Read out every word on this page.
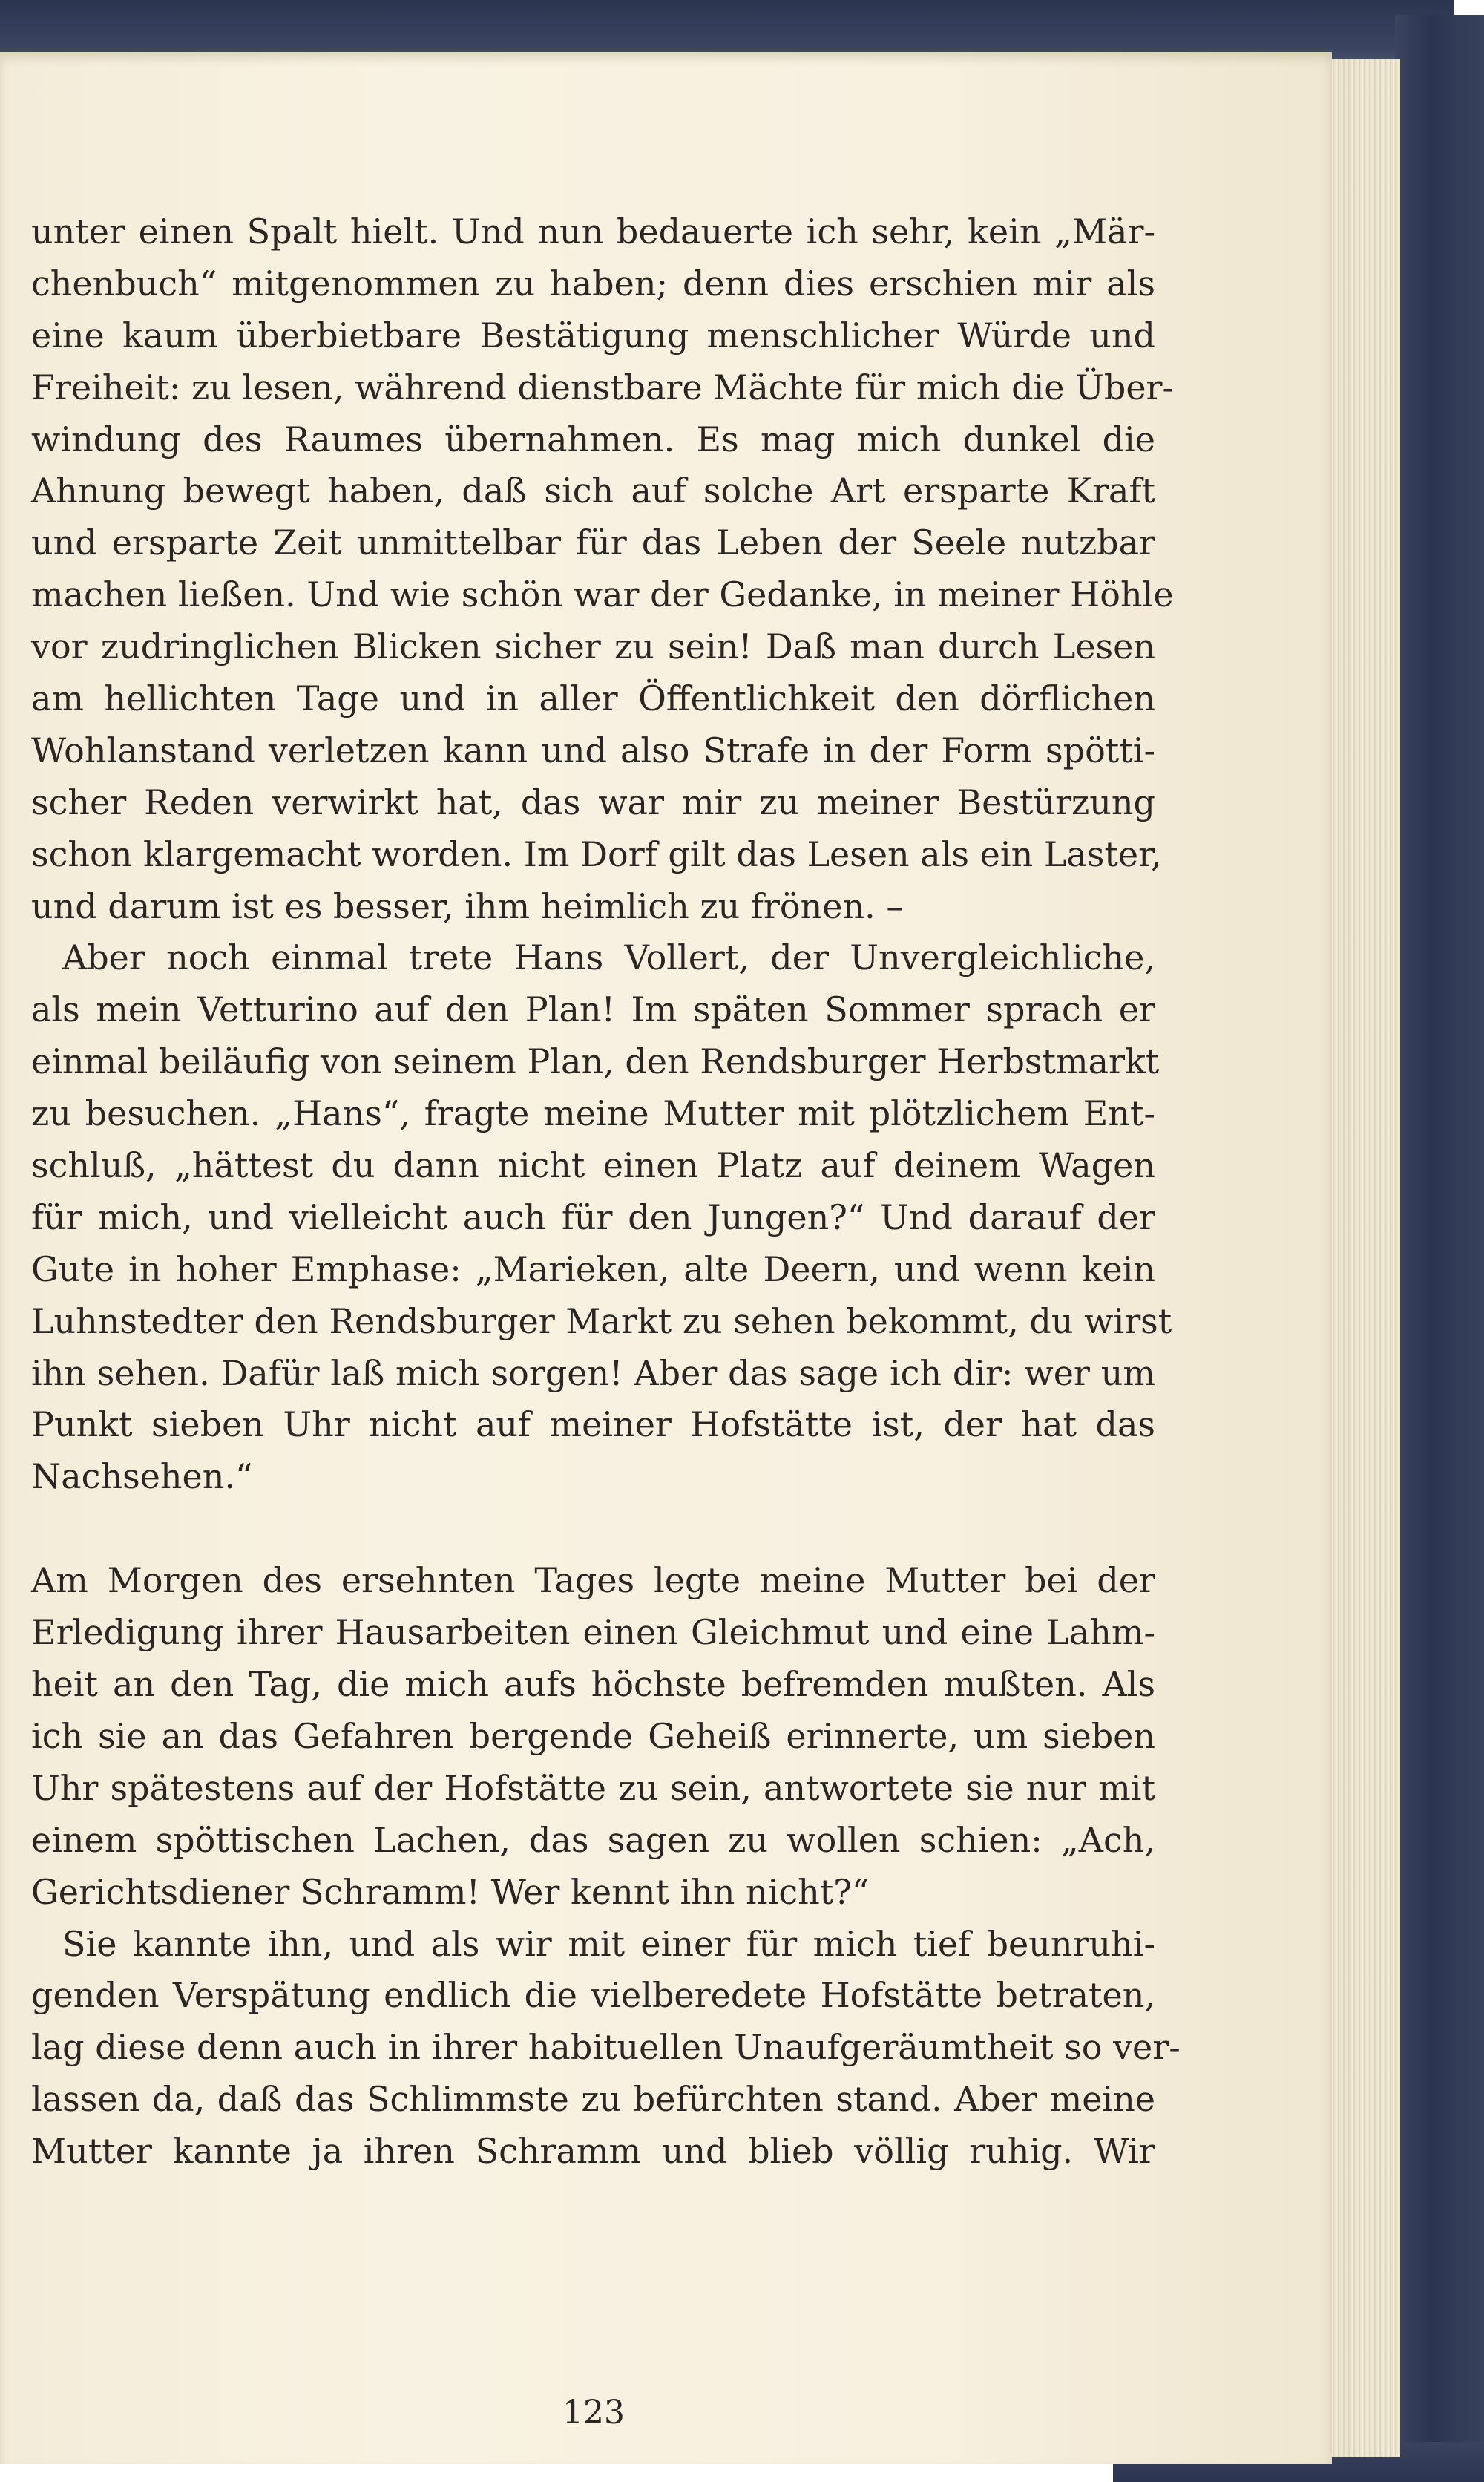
unter einen Spalt hielt. Und nun bedauerte ich sehr, kein „Mär-
chenbuch“ mitgenommen zu haben; denn dies erschien mir als
eine kaum überbietbare Bestätigung menschlicher Würde und
Freiheit: zu lesen, während dienstbare Mächte für mich die Über-
windung des Raumes übernahmen. Es mag mich dunkel die
Ahnung bewegt haben, daß sich auf solche Art ersparte Kraft
und ersparte Zeit unmittelbar für das Leben der Seele nutzbar
machen ließen. Und wie schön war der Gedanke, in meiner Höhle
vor zudringlichen Blicken sicher zu sein! Daß man durch Lesen
am hellichten Tage und in aller Öffentlichkeit den dörflichen
Wohlanstand verletzen kann und also Strafe in der Form spötti-
scher Reden verwirkt hat, das war mir zu meiner Bestürzung
schon klargemacht worden. Im Dorf gilt das Lesen als ein Laster,
und darum ist es besser, ihm heimlich zu frönen. –
Aber noch einmal trete Hans Vollert, der Unvergleichliche,
als mein Vetturino auf den Plan! Im späten Sommer sprach er
einmal beiläufig von seinem Plan, den Rendsburger Herbstmarkt
zu besuchen. „Hans“, fragte meine Mutter mit plötzlichem Ent-
schluß, „hättest du dann nicht einen Platz auf deinem Wagen
für mich, und vielleicht auch für den Jungen?“ Und darauf der
Gute in hoher Emphase: „Marieken, alte Deern, und wenn kein
Luhnstedter den Rendsburger Markt zu sehen bekommt, du wirst
ihn sehen. Dafür laß mich sorgen! Aber das sage ich dir: wer um
Punkt sieben Uhr nicht auf meiner Hofstätte ist, der hat das
Nachsehen.“
Am Morgen des ersehnten Tages legte meine Mutter bei der
Erledigung ihrer Hausarbeiten einen Gleichmut und eine Lahm-
heit an den Tag, die mich aufs höchste befremden mußten. Als
ich sie an das Gefahren bergende Geheiß erinnerte, um sieben
Uhr spätestens auf der Hofstätte zu sein, antwortete sie nur mit
einem spöttischen Lachen, das sagen zu wollen schien: „Ach,
Gerichtsdiener Schramm! Wer kennt ihn nicht?“
Sie kannte ihn, und als wir mit einer für mich tief beunruhi-
genden Verspätung endlich die vielberedete Hofstätte betraten,
lag diese denn auch in ihrer habituellen Unaufgeräumtheit so ver-
lassen da, daß das Schlimmste zu befürchten stand. Aber meine
Mutter kannte ja ihren Schramm und blieb völlig ruhig. Wir
123
